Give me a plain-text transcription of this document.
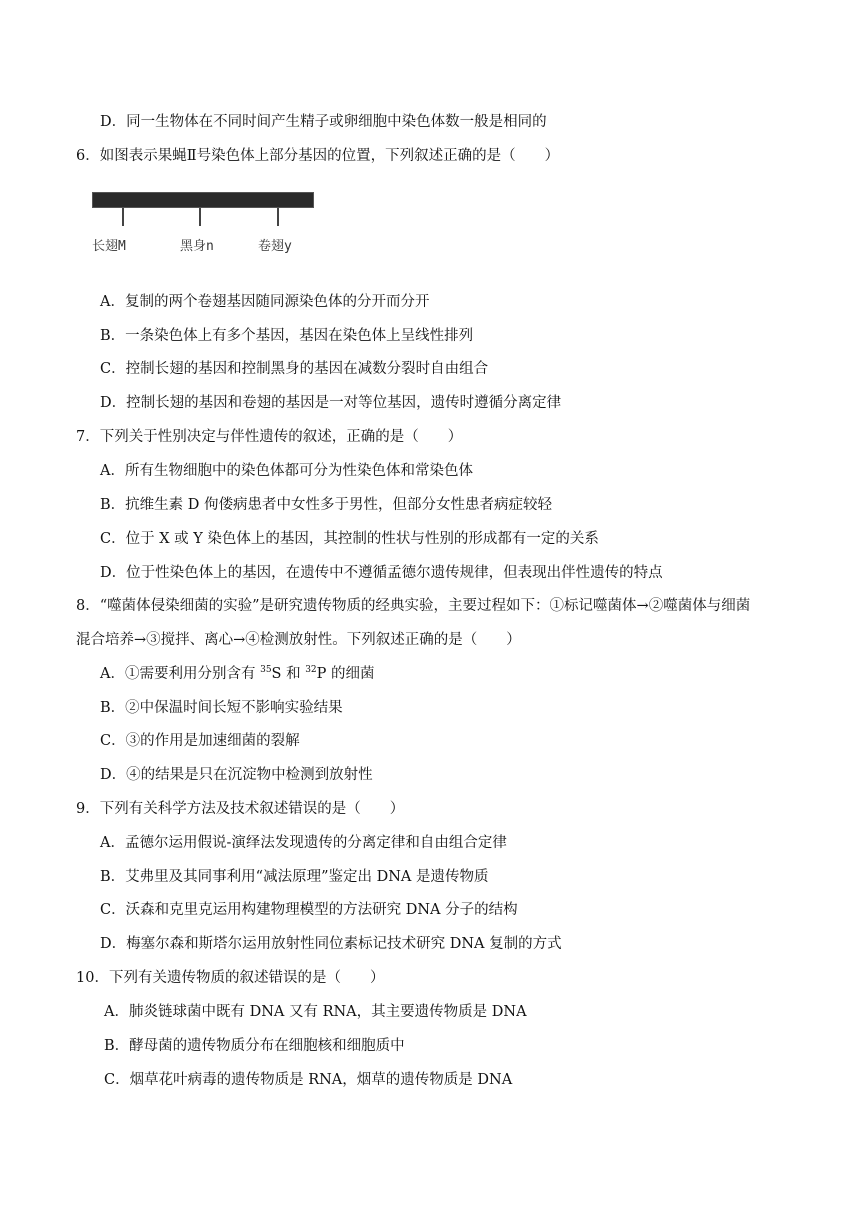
D．同一生物体在不同时间产生精子或卵细胞中染色体数一般是相同的
6．如图表示果蝇Ⅱ号染色体上部分基因的位置，下列叙述正确的是（　　）
长翅M	黑身n	卷翅y
A．复制的两个卷翅基因随同源染色体的分开而分开
B．一条染色体上有多个基因，基因在染色体上呈线性排列
C．控制长翅的基因和控制黑身的基因在减数分裂时自由组合
D．控制长翅的基因和卷翅的基因是一对等位基因，遗传时遵循分离定律
7．下列关于性别决定与伴性遗传的叙述，正确的是（　　）
A．所有生物细胞中的染色体都可分为性染色体和常染色体
B．抗维生素 D 佝偻病患者中女性多于男性，但部分女性患者病症较轻
C．位于 X 或 Y 染色体上的基因，其控制的性状与性别的形成都有一定的关系
D．位于性染色体上的基因，在遗传中不遵循孟德尔遗传规律，但表现出伴性遗传的特点
8．“噬菌体侵染细菌的实验”是研究遗传物质的经典实验，主要过程如下：①标记噬菌体→②噬菌体与细菌
混合培养→③搅拌、离心→④检测放射性。下列叙述正确的是（　　）
A．①需要利用分别含有 $^{35}$S 和 $^{32}$P 的细菌
B．②中保温时间长短不影响实验结果
C．③的作用是加速细菌的裂解
D．④的结果是只在沉淀物中检测到放射性
9．下列有关科学方法及技术叙述错误的是（　　）
A．孟德尔运用假说-演绎法发现遗传的分离定律和自由组合定律
B．艾弗里及其同事利用“减法原理”鉴定出 DNA 是遗传物质
C．沃森和克里克运用构建物理模型的方法研究 DNA 分子的结构
D．梅塞尔森和斯塔尔运用放射性同位素标记技术研究 DNA 复制的方式
10．下列有关遗传物质的叙述错误的是（　　）
A．肺炎链球菌中既有 DNA 又有 RNA，其主要遗传物质是 DNA
B．酵母菌的遗传物质分布在细胞核和细胞质中
C．烟草花叶病毒的遗传物质是 RNA，烟草的遗传物质是 DNA
